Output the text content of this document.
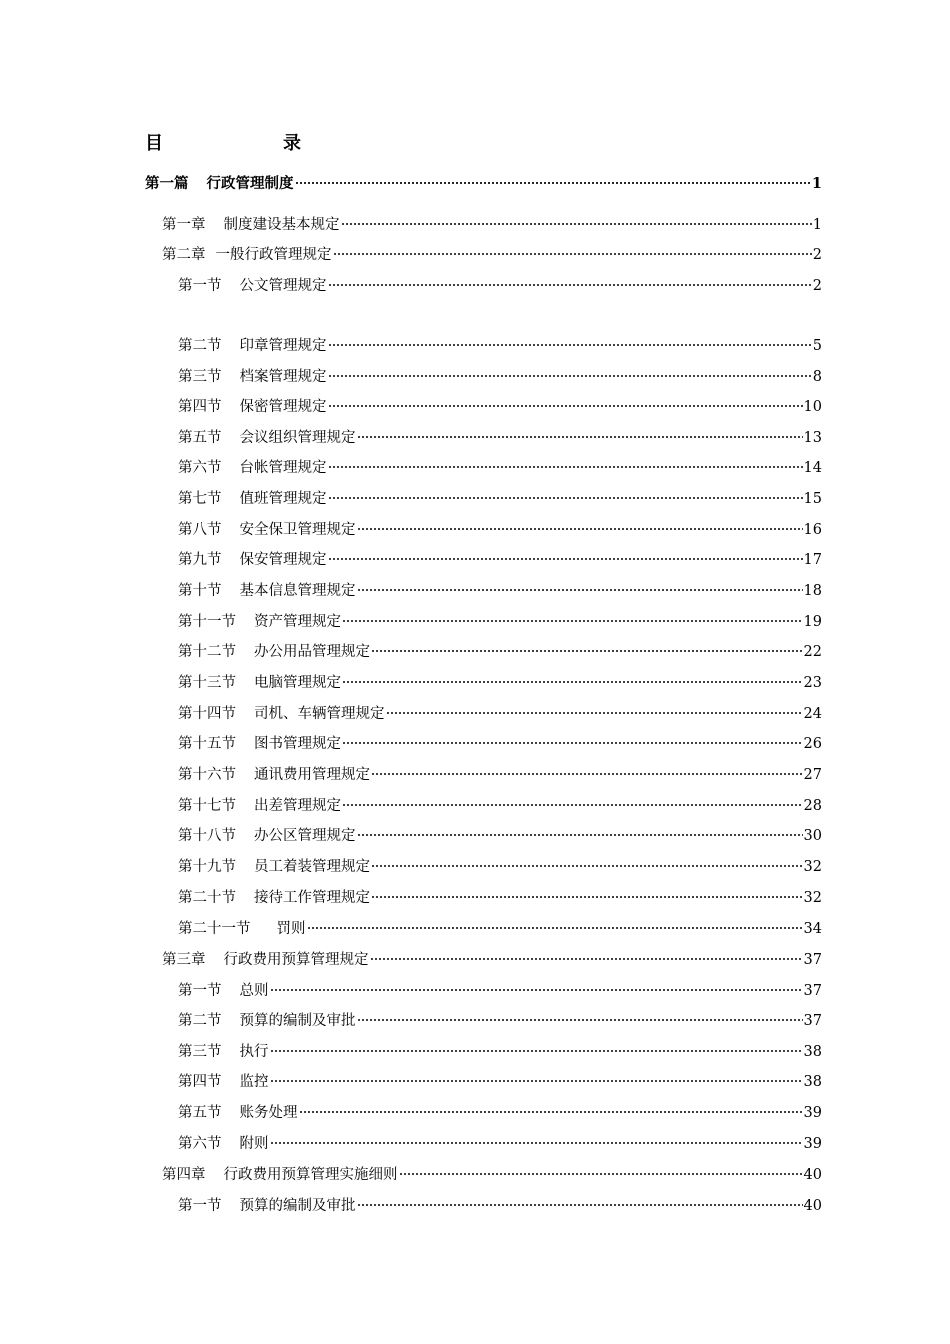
目　　录
第一篇 行政管理制度	1
第一章 制度建设基本规定	1
第二章 一般行政管理规定	2
第一节 公文管理规定	2
第二节 印章管理规定	5
第三节 档案管理规定	8
第四节 保密管理规定	10
第五节 会议组织管理规定	13
第六节 台帐管理规定	14
第七节 值班管理规定	15
第八节 安全保卫管理规定	16
第九节 保安管理规定	17
第十节 基本信息管理规定	18
第十一节 资产管理规定	19
第十二节 办公用品管理规定	22
第十三节 电脑管理规定	23
第十四节 司机、车辆管理规定	24
第十五节 图书管理规定	26
第十六节 通讯费用管理规定	27
第十七节 出差管理规定	28
第十八节 办公区管理规定	30
第十九节 员工着装管理规定	32
第二十节 接待工作管理规定	32
第二十一节 罚则	34
第三章 行政费用预算管理规定	37
第一节 总则	37
第二节 预算的编制及审批	37
第三节 执行	38
第四节 监控	38
第五节 账务处理	39
第六节 附则	39
第四章 行政费用预算管理实施细则	40
第一节 预算的编制及审批	40
